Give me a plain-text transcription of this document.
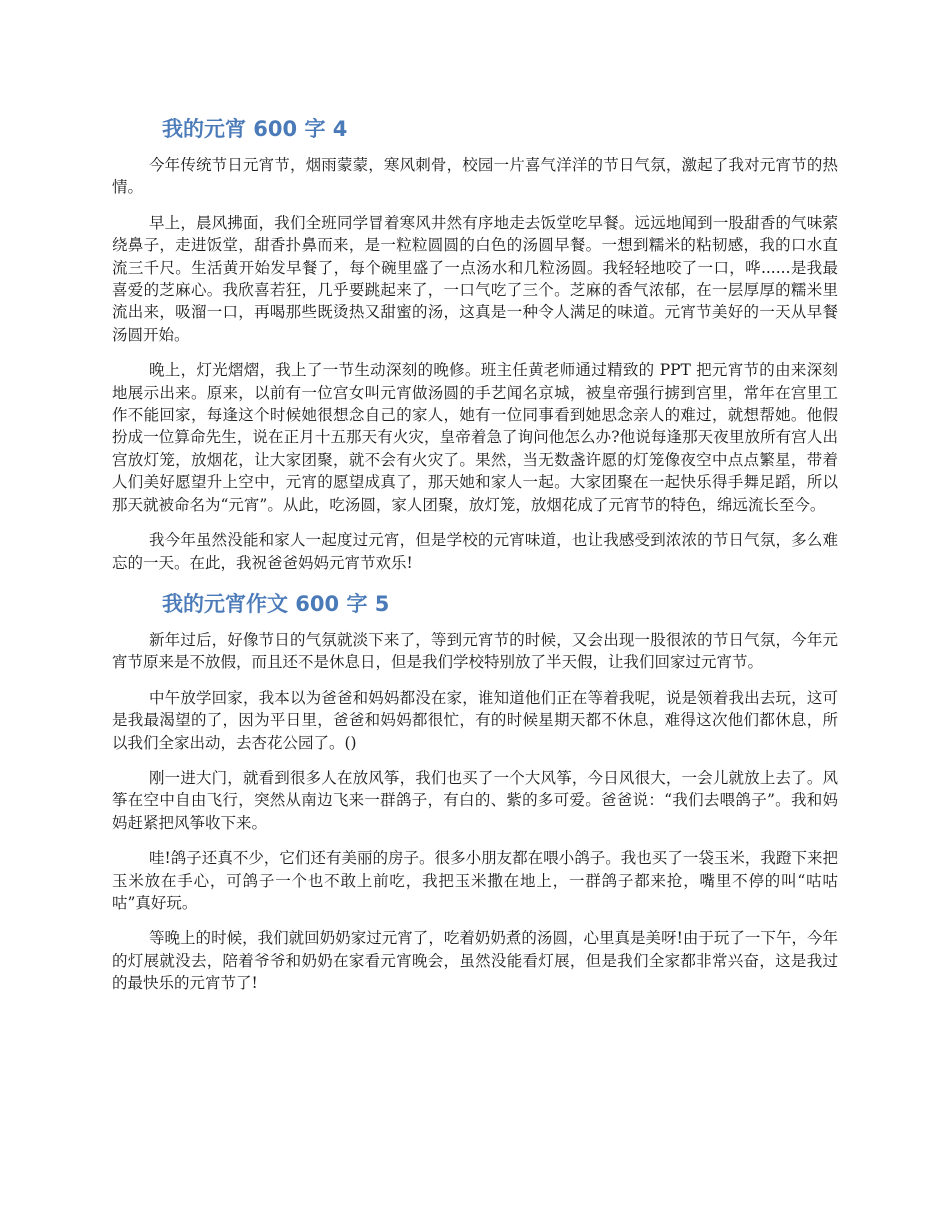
我的元宵 600 字 4

今年传统节日元宵节，烟雨蒙蒙，寒风刺骨，校园一片喜气洋洋的节日气氛，激起了我对元宵节的热情。

早上，晨风拂面，我们全班同学冒着寒风井然有序地走去饭堂吃早餐。远远地闻到一股甜香的气味萦绕鼻子，走进饭堂，甜香扑鼻而来，是一粒粒圆圆的白色的汤圆早餐。一想到糯米的粘韧感，我的口水直流三千尺。生活黄开始发早餐了，每个碗里盛了一点汤水和几粒汤圆。我轻轻地咬了一口，哗......是我最喜爱的芝麻心。我欣喜若狂，几乎要跳起来了，一口气吃了三个。芝麻的香气浓郁，在一层厚厚的糯米里流出来，吸溜一口，再喝那些既烫热又甜蜜的汤，这真是一种令人满足的味道。元宵节美好的一天从早餐汤圆开始。

晚上，灯光熠熠，我上了一节生动深刻的晚修。班主任黄老师通过精致的 PPT 把元宵节的由来深刻地展示出来。原来，以前有一位宫女叫元宵做汤圆的手艺闻名京城，被皇帝强行掳到宫里，常年在宫里工作不能回家，每逢这个时候她很想念自己的家人，她有一位同事看到她思念亲人的难过，就想帮她。他假扮成一位算命先生，说在正月十五那天有火灾，皇帝着急了询问他怎么办?他说每逢那天夜里放所有宫人出宫放灯笼，放烟花，让大家团聚，就不会有火灾了。果然，当无数盏许愿的灯笼像夜空中点点繁星，带着人们美好愿望升上空中，元宵的愿望成真了，那天她和家人一起。大家团聚在一起快乐得手舞足蹈，所以那天就被命名为“元宵”。从此，吃汤圆，家人团聚，放灯笼，放烟花成了元宵节的特色，绵远流长至今。

我今年虽然没能和家人一起度过元宵，但是学校的元宵味道，也让我感受到浓浓的节日气氛，多么难忘的一天。在此，我祝爸爸妈妈元宵节欢乐!

我的元宵作文 600 字 5

新年过后，好像节日的气氛就淡下来了，等到元宵节的时候，又会出现一股很浓的节日气氛，今年元宵节原来是不放假，而且还不是休息日，但是我们学校特别放了半天假，让我们回家过元宵节。

中午放学回家，我本以为爸爸和妈妈都没在家，谁知道他们正在等着我呢，说是领着我出去玩，这可是我最渴望的了，因为平日里，爸爸和妈妈都很忙，有的时候星期天都不休息，难得这次他们都休息，所以我们全家出动，去杏花公园了。()

刚一进大门，就看到很多人在放风筝，我们也买了一个大风筝，今日风很大，一会儿就放上去了。风筝在空中自由飞行，突然从南边飞来一群鸽子，有白的、紫的多可爱。爸爸说：“我们去喂鸽子”。我和妈妈赶紧把风筝收下来。

哇!鸽子还真不少，它们还有美丽的房子。很多小朋友都在喂小鸽子。我也买了一袋玉米，我蹬下来把玉米放在手心，可鸽子一个也不敢上前吃，我把玉米撒在地上，一群鸽子都来抢，嘴里不停的叫“咕咕咕”真好玩。

等晚上的时候，我们就回奶奶家过元宵了，吃着奶奶煮的汤圆，心里真是美呀!由于玩了一下午，今年的灯展就没去，陪着爷爷和奶奶在家看元宵晚会，虽然没能看灯展，但是我们全家都非常兴奋，这是我过的最快乐的元宵节了!
